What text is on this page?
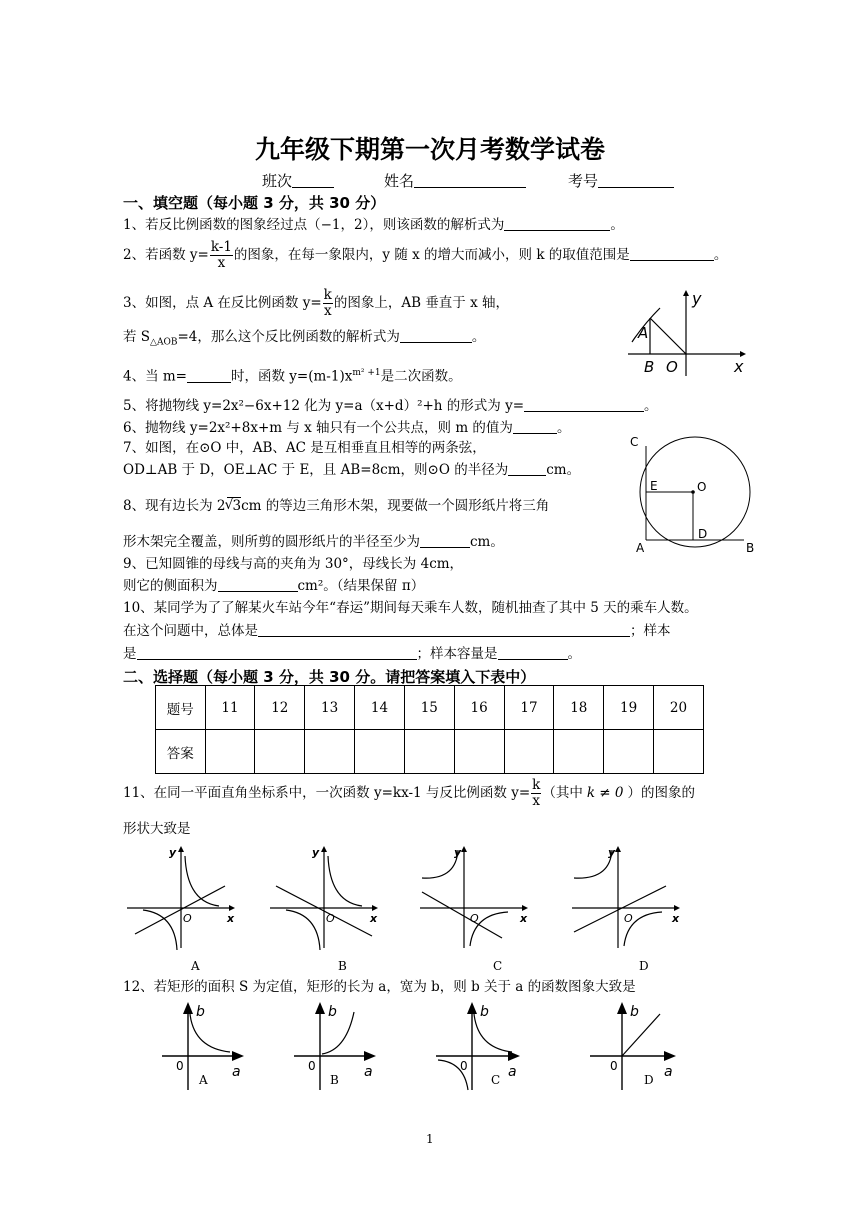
九年级下期第一次月考数学试卷
班次	姓名	考号
一、填空题（每小题 3 分，共 30 分）
1、若反比例函数的图象经过点（−1，2），则该函数的解析式为	。
2、若函数 $y= \frac{k-1}{x}$ 的图象，在每一象限内，y 随 x 的增大而减小，则 k 的取值范围是	。
3、如图，点 A 在反比例函数 $y= \frac{k}{x}$ 的图象上，AB 垂直于 x 轴，
若 $S_{\triangle AOB}=4$，那么这个反比例函数的解析式为	。
4、当 m=	时，函数 $y=(m-1)x^{m^2 +1}$是二次函数。
5、将抛物线 y=2x²−6x+12 化为 y=a（x+d）²+h 的形式为 y=	。
6、抛物线 y=2x²+8x+m 与 x 轴只有一个公共点，则 m 的值为	。
7、如图，在⊙O 中，AB、AC 是互相垂直且相等的两条弦，
OD⊥AB 于 D，OE⊥AC 于 E，且 AB=8cm，则⊙O 的半径为	cm。
8、现有边长为 2 √ 3cm 的等边三角形木架，现要做一个圆形纸片将三角
形木架完全覆盖，则所剪的圆形纸片的半径至少为	cm。
9、已知圆锥的母线与高的夹角为 30°，母线长为 4cm，
则它的侧面积为	cm²。（结果保留 π）
10、某同学为了了解某火车站今年“春运”期间每天乘车人数，随机抽查了其中 5 天的乘车人数。
在这个问题中，总体是	；样本
是	；样本容量是	。
A
B O	x
y
C
E	O
D
A	B
二、选择题（每小题 3 分，共 30 分。请把答案填入下表中）
题号	11	12	13	14	15	16	17	18	19	20
答案										
11、在同一平面直角坐标系中，一次函数 y=kx-1 与反比例函数 $y= \frac{k}{x}$ （其中 k ≠ 0 ）的图象的
形状大致是
y
x
O
A
y
x
O
B
y
x
O
C
y
x
O
D
12、若矩形的面积 S 为定值，矩形的长为 a，宽为 b，则 b 关于 a 的函数图象大致是
b
a
0
A
b
a
0
B
b
a
0
C
b
a
0
D
1
